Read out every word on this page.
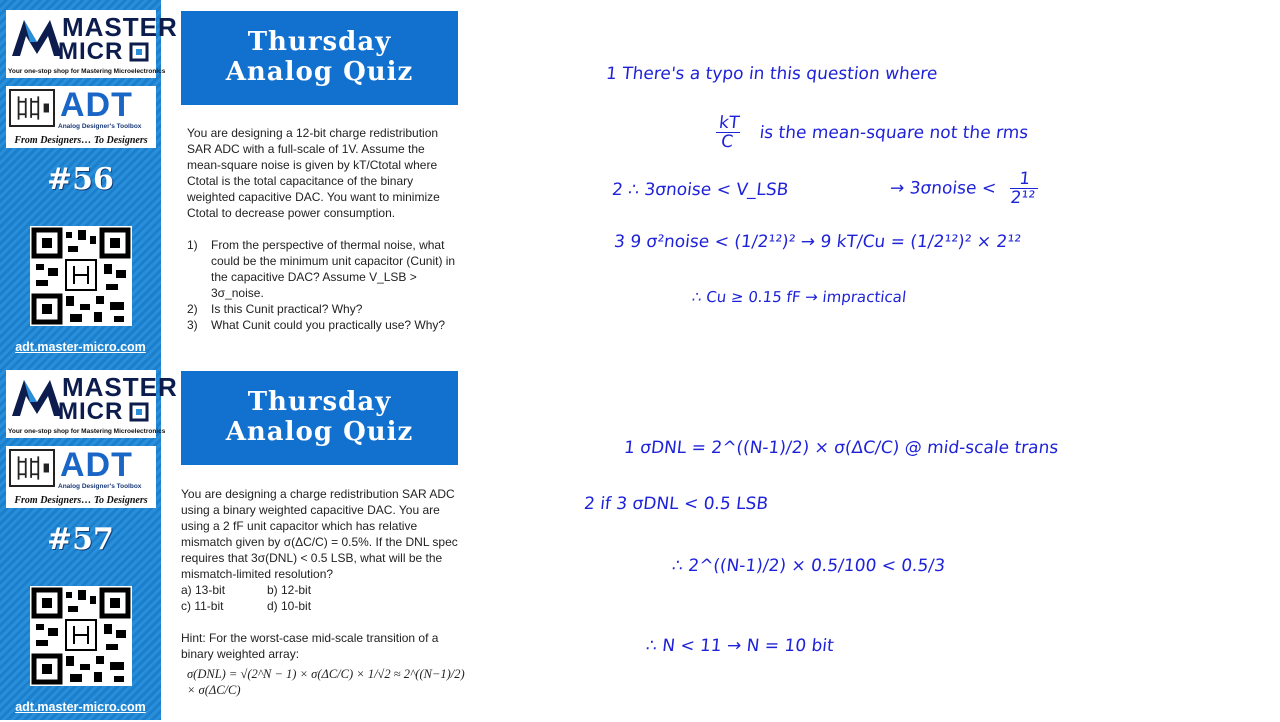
MASTER
MICR
Your one-stop shop for Mastering Microelectronics
ADT
Analog Designer's Toolbox
From Designers… To Designers
#56
adt.master-micro.com
MASTER
MICR
Your one-stop shop for Mastering Microelectronics
ADT
Analog Designer's Toolbox
From Designers… To Designers
#57
adt.master-micro.com
Thursday
Analog Quiz

You are designing a 12-bit charge redistribution SAR ADC with a full-scale of 1V. Assume the mean-square noise is given by kT/Ctotal where Ctotal is the total capacitance of the binary weighted capacitive DAC. You want to minimize Ctotal to decrease power consumption.

1)	From the perspective of thermal noise, what could be the minimum unit capacitor (Cunit) in the capacitive DAC? Assume V_LSB > 3σ_noise.
2)	Is this Cunit practical? Why?
3)	What Cunit could you practically use? Why?
Thursday
Analog Quiz

You are designing a charge redistribution SAR ADC using a binary weighted capacitive DAC. You are using a 2 fF unit capacitor which has relative mismatch given by σ(ΔC/C) = 0.5%. If the DNL spec requires that 3σ(DNL) < 0.5 LSB, what will be the mismatch-limited resolution?

a) 13-bit	b) 12-bit
c) 11-bit	d) 10-bit

Hint: For the worst-case mid-scale transition of a binary weighted array:

σ(DNL) = √(2^N − 1) × σ(ΔC/C) × 1/√2 ≈ 2^((N−1)/2) × σ(ΔC/C)

1 There's a typo in this question where
$\frac{kT}{C}$ is the mean-square not the rms
2 ∴ 3σnoise < V_LSB	→ 3σnoise < $\frac{1}{\text{2¹²}}$
3 9 σ²noise < (1/2¹²)² → 9 kT/Cu = (1/2¹²)² × 2¹²
∴ Cu ≥ 0.15 fF → impractical
1 σDNL = 2^((N-1)/2) × σ(ΔC/C) @ mid-scale trans
2 if 3 σDNL < 0.5 LSB
∴ 2^((N-1)/2) × 0.5/100 < 0.5/3
∴ N < 11 → N = 10 bit
